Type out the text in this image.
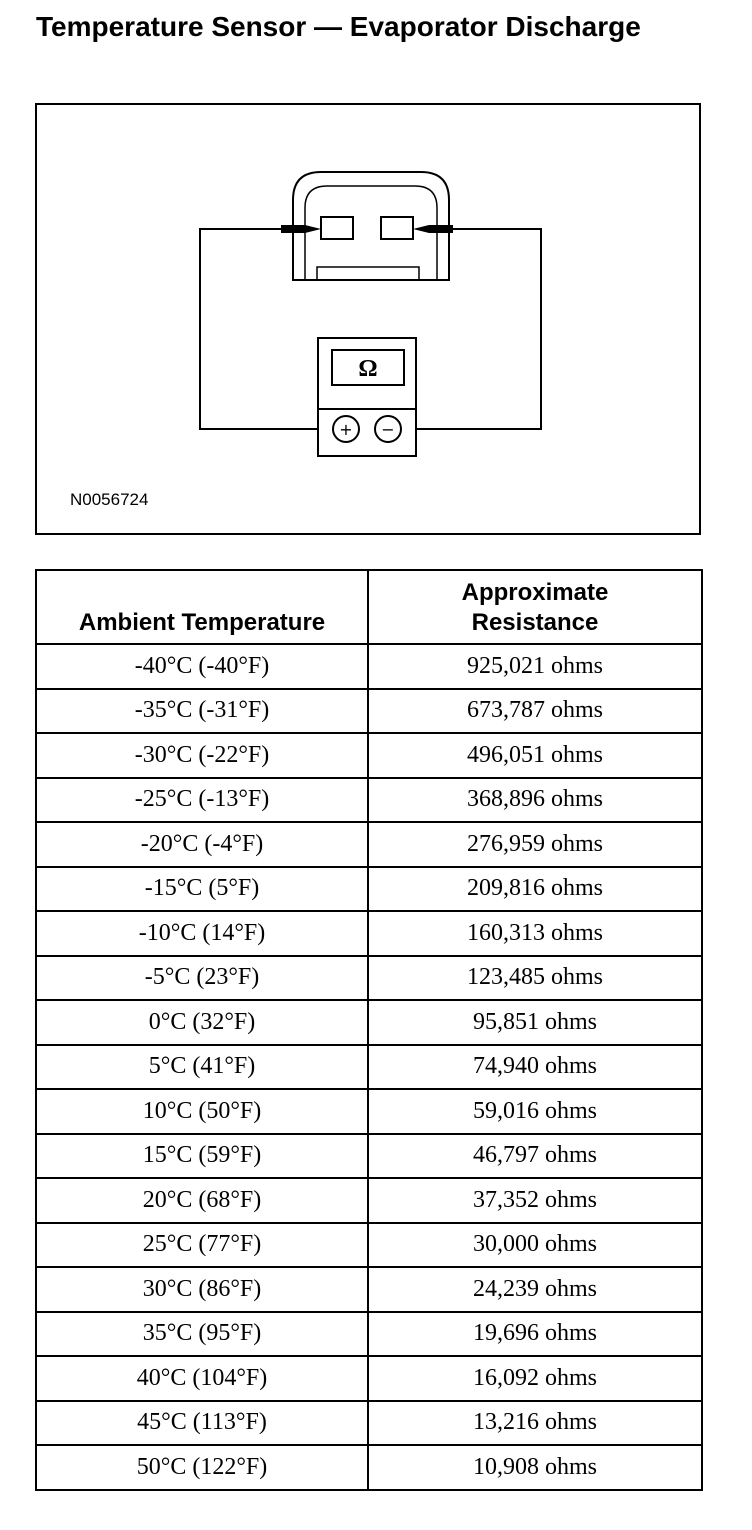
Temperature Sensor — Evaporator Discharge
Ω
+ −
N0056724
Ambient Temperature	Approximate Resistance
-40°C (-40°F)	925,021 ohms
-35°C (-31°F)	673,787 ohms
-30°C (-22°F)	496,051 ohms
-25°C (-13°F)	368,896 ohms
-20°C (-4°F)	276,959 ohms
-15°C (5°F)	209,816 ohms
-10°C (14°F)	160,313 ohms
-5°C (23°F)	123,485 ohms
0°C (32°F)	95,851 ohms
5°C (41°F)	74,940 ohms
10°C (50°F)	59,016 ohms
15°C (59°F)	46,797 ohms
20°C (68°F)	37,352 ohms
25°C (77°F)	30,000 ohms
30°C (86°F)	24,239 ohms
35°C (95°F)	19,696 ohms
40°C (104°F)	16,092 ohms
45°C (113°F)	13,216 ohms
50°C (122°F)	10,908 ohms
